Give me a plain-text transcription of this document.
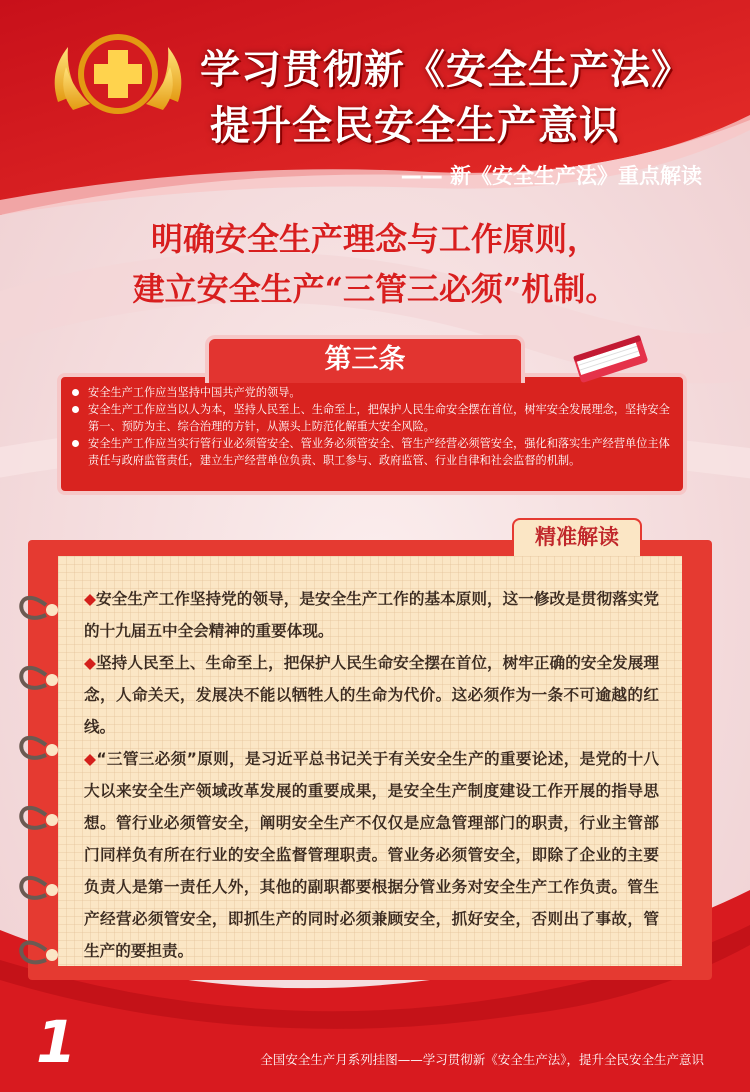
学习贯彻新《安全生产法》
提升全民安全生产意识
—— 新《安全生产法》重点解读
明确安全生产理念与工作原则，
建立安全生产“三管三必须”机制。
第三条
安全生产工作应当坚持中国共产党的领导。
安全生产工作应当以人为本，坚持人民至上、生命至上，把保护人民生命安全摆在首位，树牢安全发展理念，坚持安全第一、预防为主、综合治理的方针，从源头上防范化解重大安全风险。
安全生产工作应当实行管行业必须管安全、管业务必须管安全、管生产经营必须管安全，强化和落实生产经营单位主体责任与政府监管责任，建立生产经营单位负责、职工参与、政府监管、行业自律和社会监督的机制。
精准解读

◆安全生产工作坚持党的领导，是安全生产工作的基本原则，这一修改是贯彻落实党的十九届五中全会精神的重要体现。

◆坚持人民至上、生命至上，把保护人民生命安全摆在首位，树牢正确的安全发展理念，人命关天，发展决不能以牺牲人的生命为代价。这必须作为一条不可逾越的红线。

◆“三管三必须”原则，是习近平总书记关于有关安全生产的重要论述，是党的十八大以来安全生产领域改革发展的重要成果，是安全生产制度建设工作开展的指导思想。管行业必须管安全，阐明安全生产不仅仅是应急管理部门的职责，行业主管部门同样负有所在行业的安全监督管理职责。管业务必须管安全，即除了企业的主要负责人是第一责任人外，其他的副职都要根据分管业务对安全生产工作负责。管生产经营必须管安全，即抓生产的同时必须兼顾安全，抓好安全，否则出了事故，管生产的要担责。

1	全国安全生产月系列挂图——学习贯彻新《安全生产法》，提升全民安全生产意识
